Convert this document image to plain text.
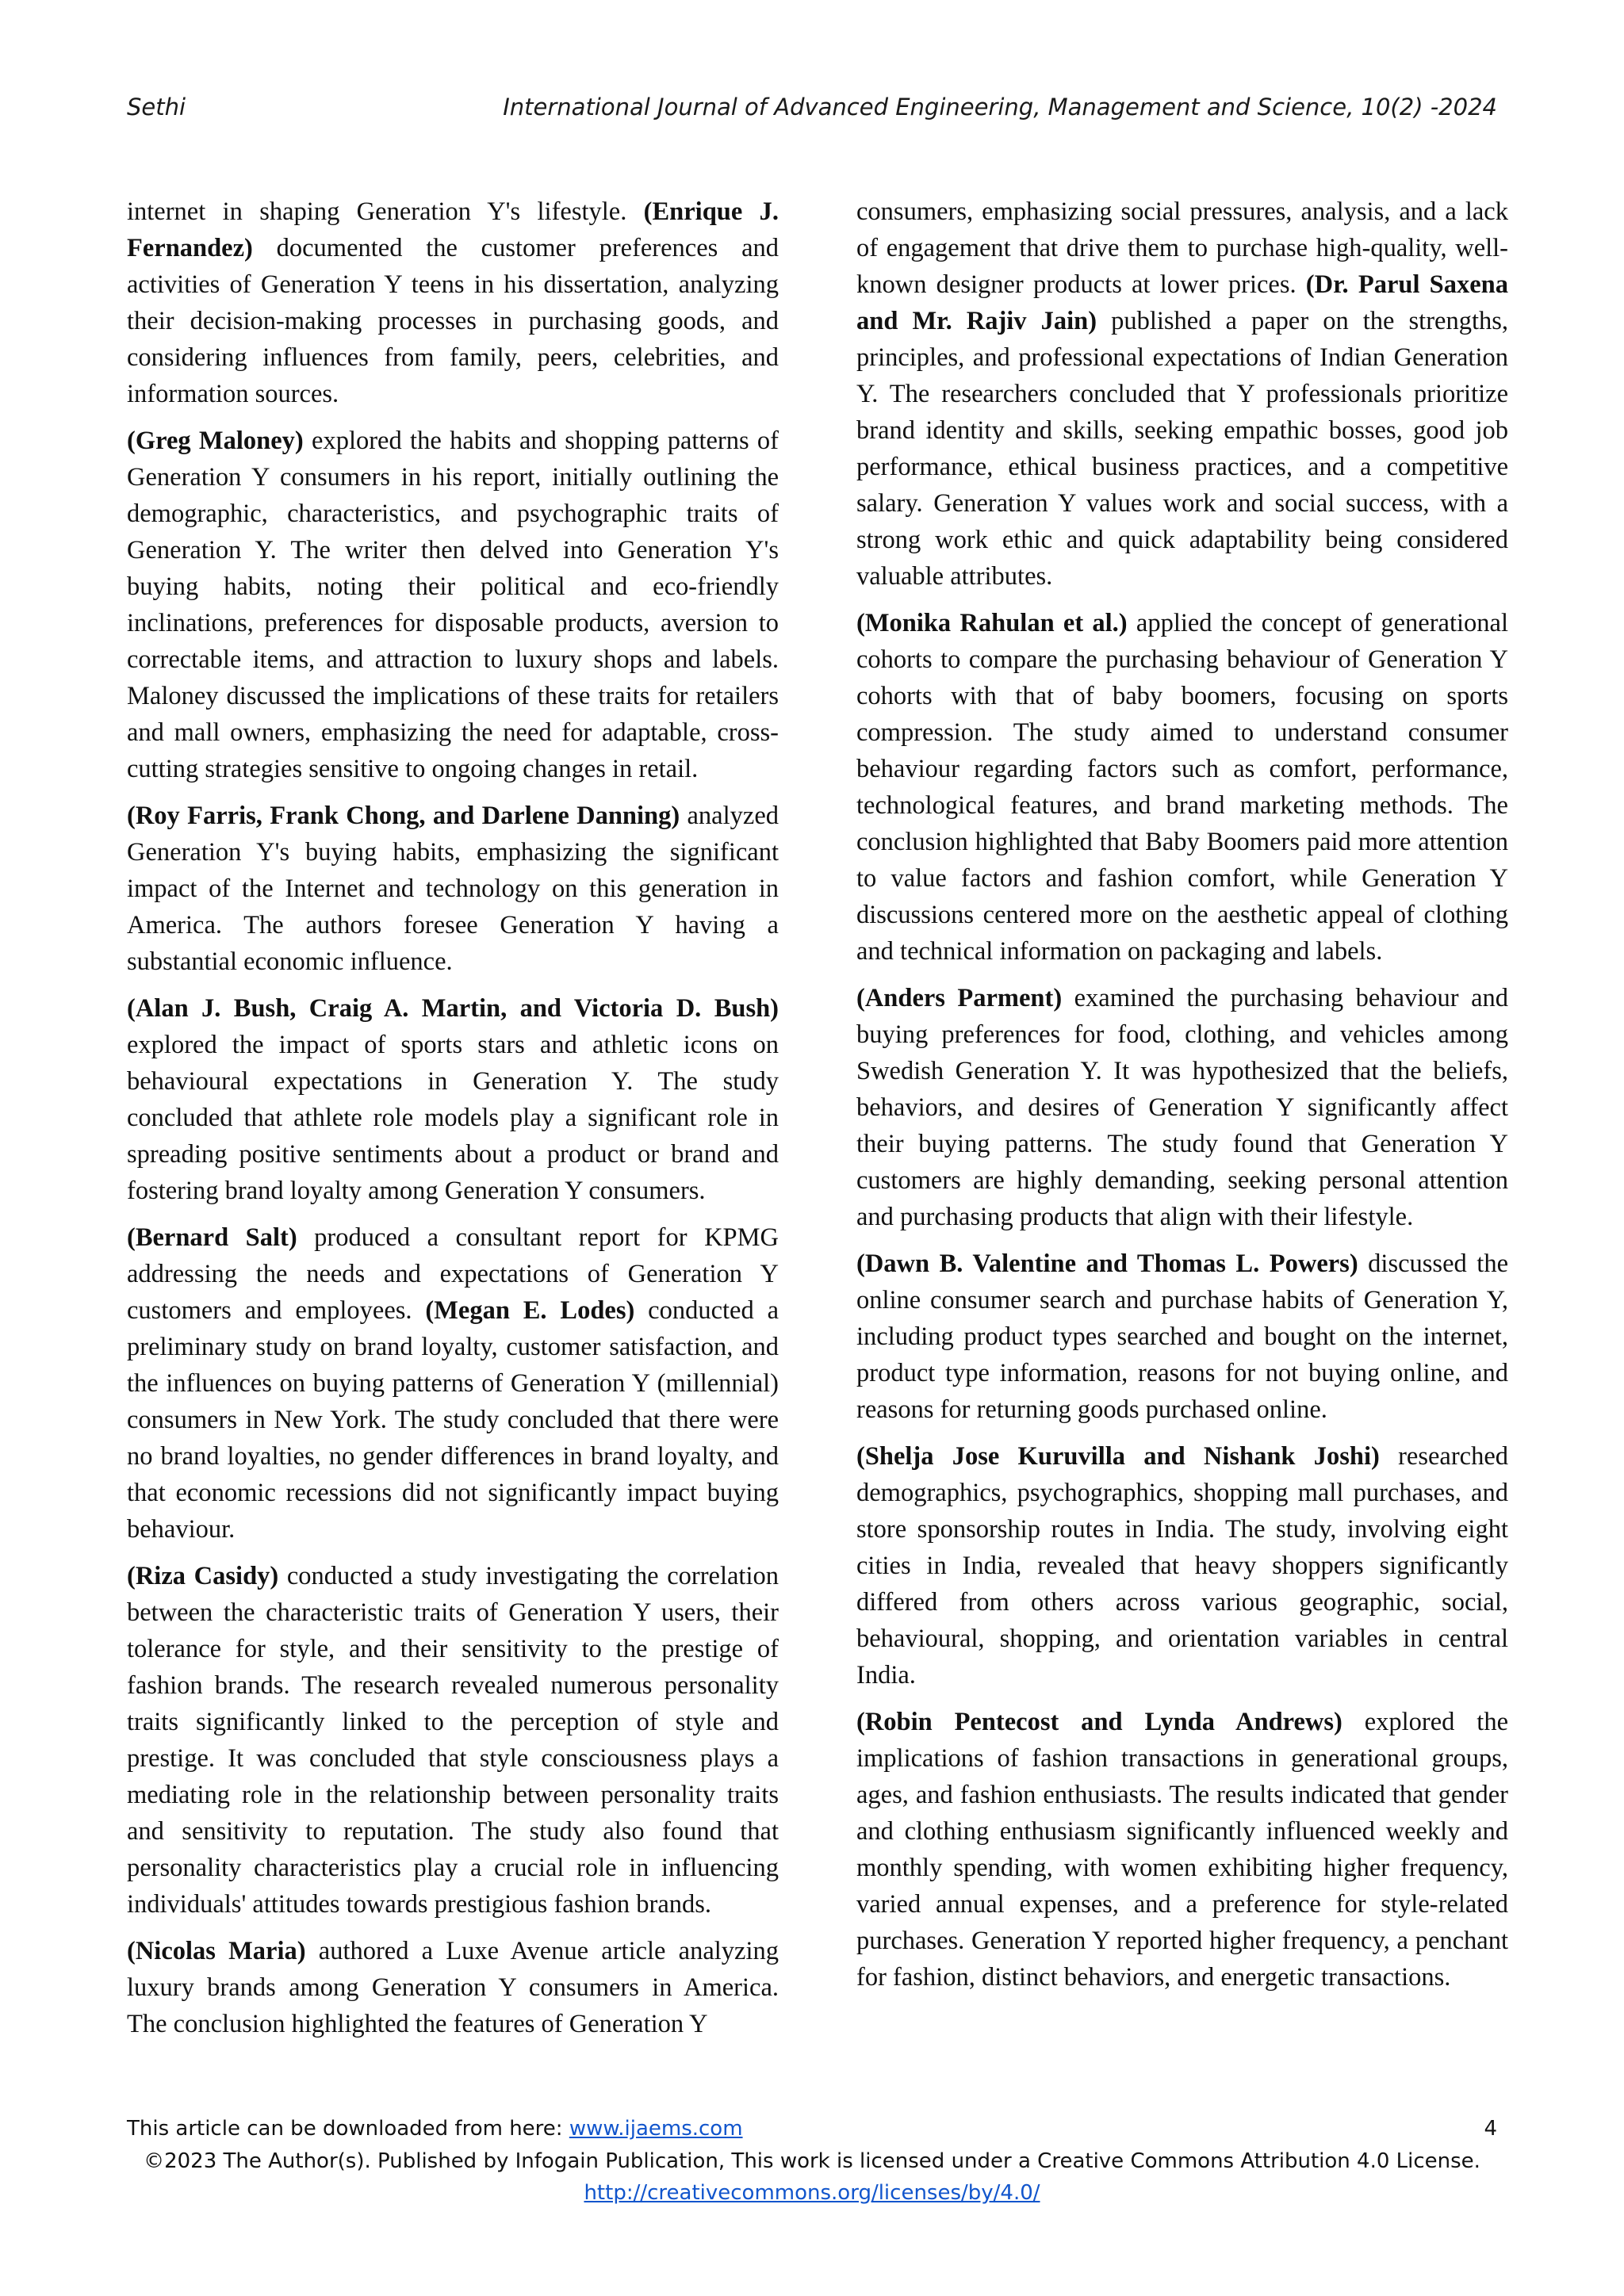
Sethi	International Journal of Advanced Engineering, Management and Science, 10(2) -2024

internet in shaping Generation Y's lifestyle. (Enrique J. Fernandez) documented the customer preferences and activities of Generation Y teens in his dissertation, analyzing their decision-making processes in purchasing goods, and considering influences from family, peers, celebrities, and information sources.

(Greg Maloney) explored the habits and shopping patterns of Generation Y consumers in his report, initially outlining the demographic, characteristics, and psychographic traits of Generation Y. The writer then delved into Generation Y's buying habits, noting their political and eco-friendly inclinations, preferences for disposable products, aversion to correctable items, and attraction to luxury shops and labels. Maloney discussed the implications of these traits for retailers and mall owners, emphasizing the need for adaptable, cross-cutting strategies sensitive to ongoing changes in retail.

(Roy Farris, Frank Chong, and Darlene Danning) analyzed Generation Y's buying habits, emphasizing the significant impact of the Internet and technology on this generation in America. The authors foresee Generation Y having a substantial economic influence.

(Alan J. Bush, Craig A. Martin, and Victoria D. Bush) explored the impact of sports stars and athletic icons on behavioural expectations in Generation Y. The study concluded that athlete role models play a significant role in spreading positive sentiments about a product or brand and fostering brand loyalty among Generation Y consumers.

(Bernard Salt) produced a consultant report for KPMG addressing the needs and expectations of Generation Y customers and employees. (Megan E. Lodes) conducted a preliminary study on brand loyalty, customer satisfaction, and the influences on buying patterns of Generation Y (millennial) consumers in New York. The study concluded that there were no brand loyalties, no gender differences in brand loyalty, and that economic recessions did not significantly impact buying behaviour.

(Riza Casidy) conducted a study investigating the correlation between the characteristic traits of Generation Y users, their tolerance for style, and their sensitivity to the prestige of fashion brands. The research revealed numerous personality traits significantly linked to the perception of style and prestige. It was concluded that style consciousness plays a mediating role in the relationship between personality traits and sensitivity to reputation. The study also found that personality characteristics play a crucial role in influencing individuals' attitudes towards prestigious fashion brands.

(Nicolas Maria) authored a Luxe Avenue article analyzing luxury brands among Generation Y consumers in America. The conclusion highlighted the features of Generation Y

consumers, emphasizing social pressures, analysis, and a lack of engagement that drive them to purchase high-quality, well-known designer products at lower prices. (Dr. Parul Saxena and Mr. Rajiv Jain) published a paper on the strengths, principles, and professional expectations of Indian Generation Y. The researchers concluded that Y professionals prioritize brand identity and skills, seeking empathic bosses, good job performance, ethical business practices, and a competitive salary. Generation Y values work and social success, with a strong work ethic and quick adaptability being considered valuable attributes.

(Monika Rahulan et al.) applied the concept of generational cohorts to compare the purchasing behaviour of Generation Y cohorts with that of baby boomers, focusing on sports compression. The study aimed to understand consumer behaviour regarding factors such as comfort, performance, technological features, and brand marketing methods. The conclusion highlighted that Baby Boomers paid more attention to value factors and fashion comfort, while Generation Y discussions centered more on the aesthetic appeal of clothing and technical information on packaging and labels.

(Anders Parment) examined the purchasing behaviour and buying preferences for food, clothing, and vehicles among Swedish Generation Y. It was hypothesized that the beliefs, behaviors, and desires of Generation Y significantly affect their buying patterns. The study found that Generation Y customers are highly demanding, seeking personal attention and purchasing products that align with their lifestyle.

(Dawn B. Valentine and Thomas L. Powers) discussed the online consumer search and purchase habits of Generation Y, including product types searched and bought on the internet, product type information, reasons for not buying online, and reasons for returning goods purchased online.

(Shelja Jose Kuruvilla and Nishank Joshi) researched demographics, psychographics, shopping mall purchases, and store sponsorship routes in India. The study, involving eight cities in India, revealed that heavy shoppers significantly differed from others across various geographic, social, behavioural, shopping, and orientation variables in central India.

(Robin Pentecost and Lynda Andrews) explored the implications of fashion transactions in generational groups, ages, and fashion enthusiasts. The results indicated that gender and clothing enthusiasm significantly influenced weekly and monthly spending, with women exhibiting higher frequency, varied annual expenses, and a preference for style-related purchases. Generation Y reported higher frequency, a penchant for fashion, distinct behaviors, and energetic transactions.

This article can be downloaded from here: www.ijaems.com	4
©2023 The Author(s). Published by Infogain Publication, This work is licensed under a Creative Commons Attribution 4.0 License.
http://creativecommons.org/licenses/by/4.0/
